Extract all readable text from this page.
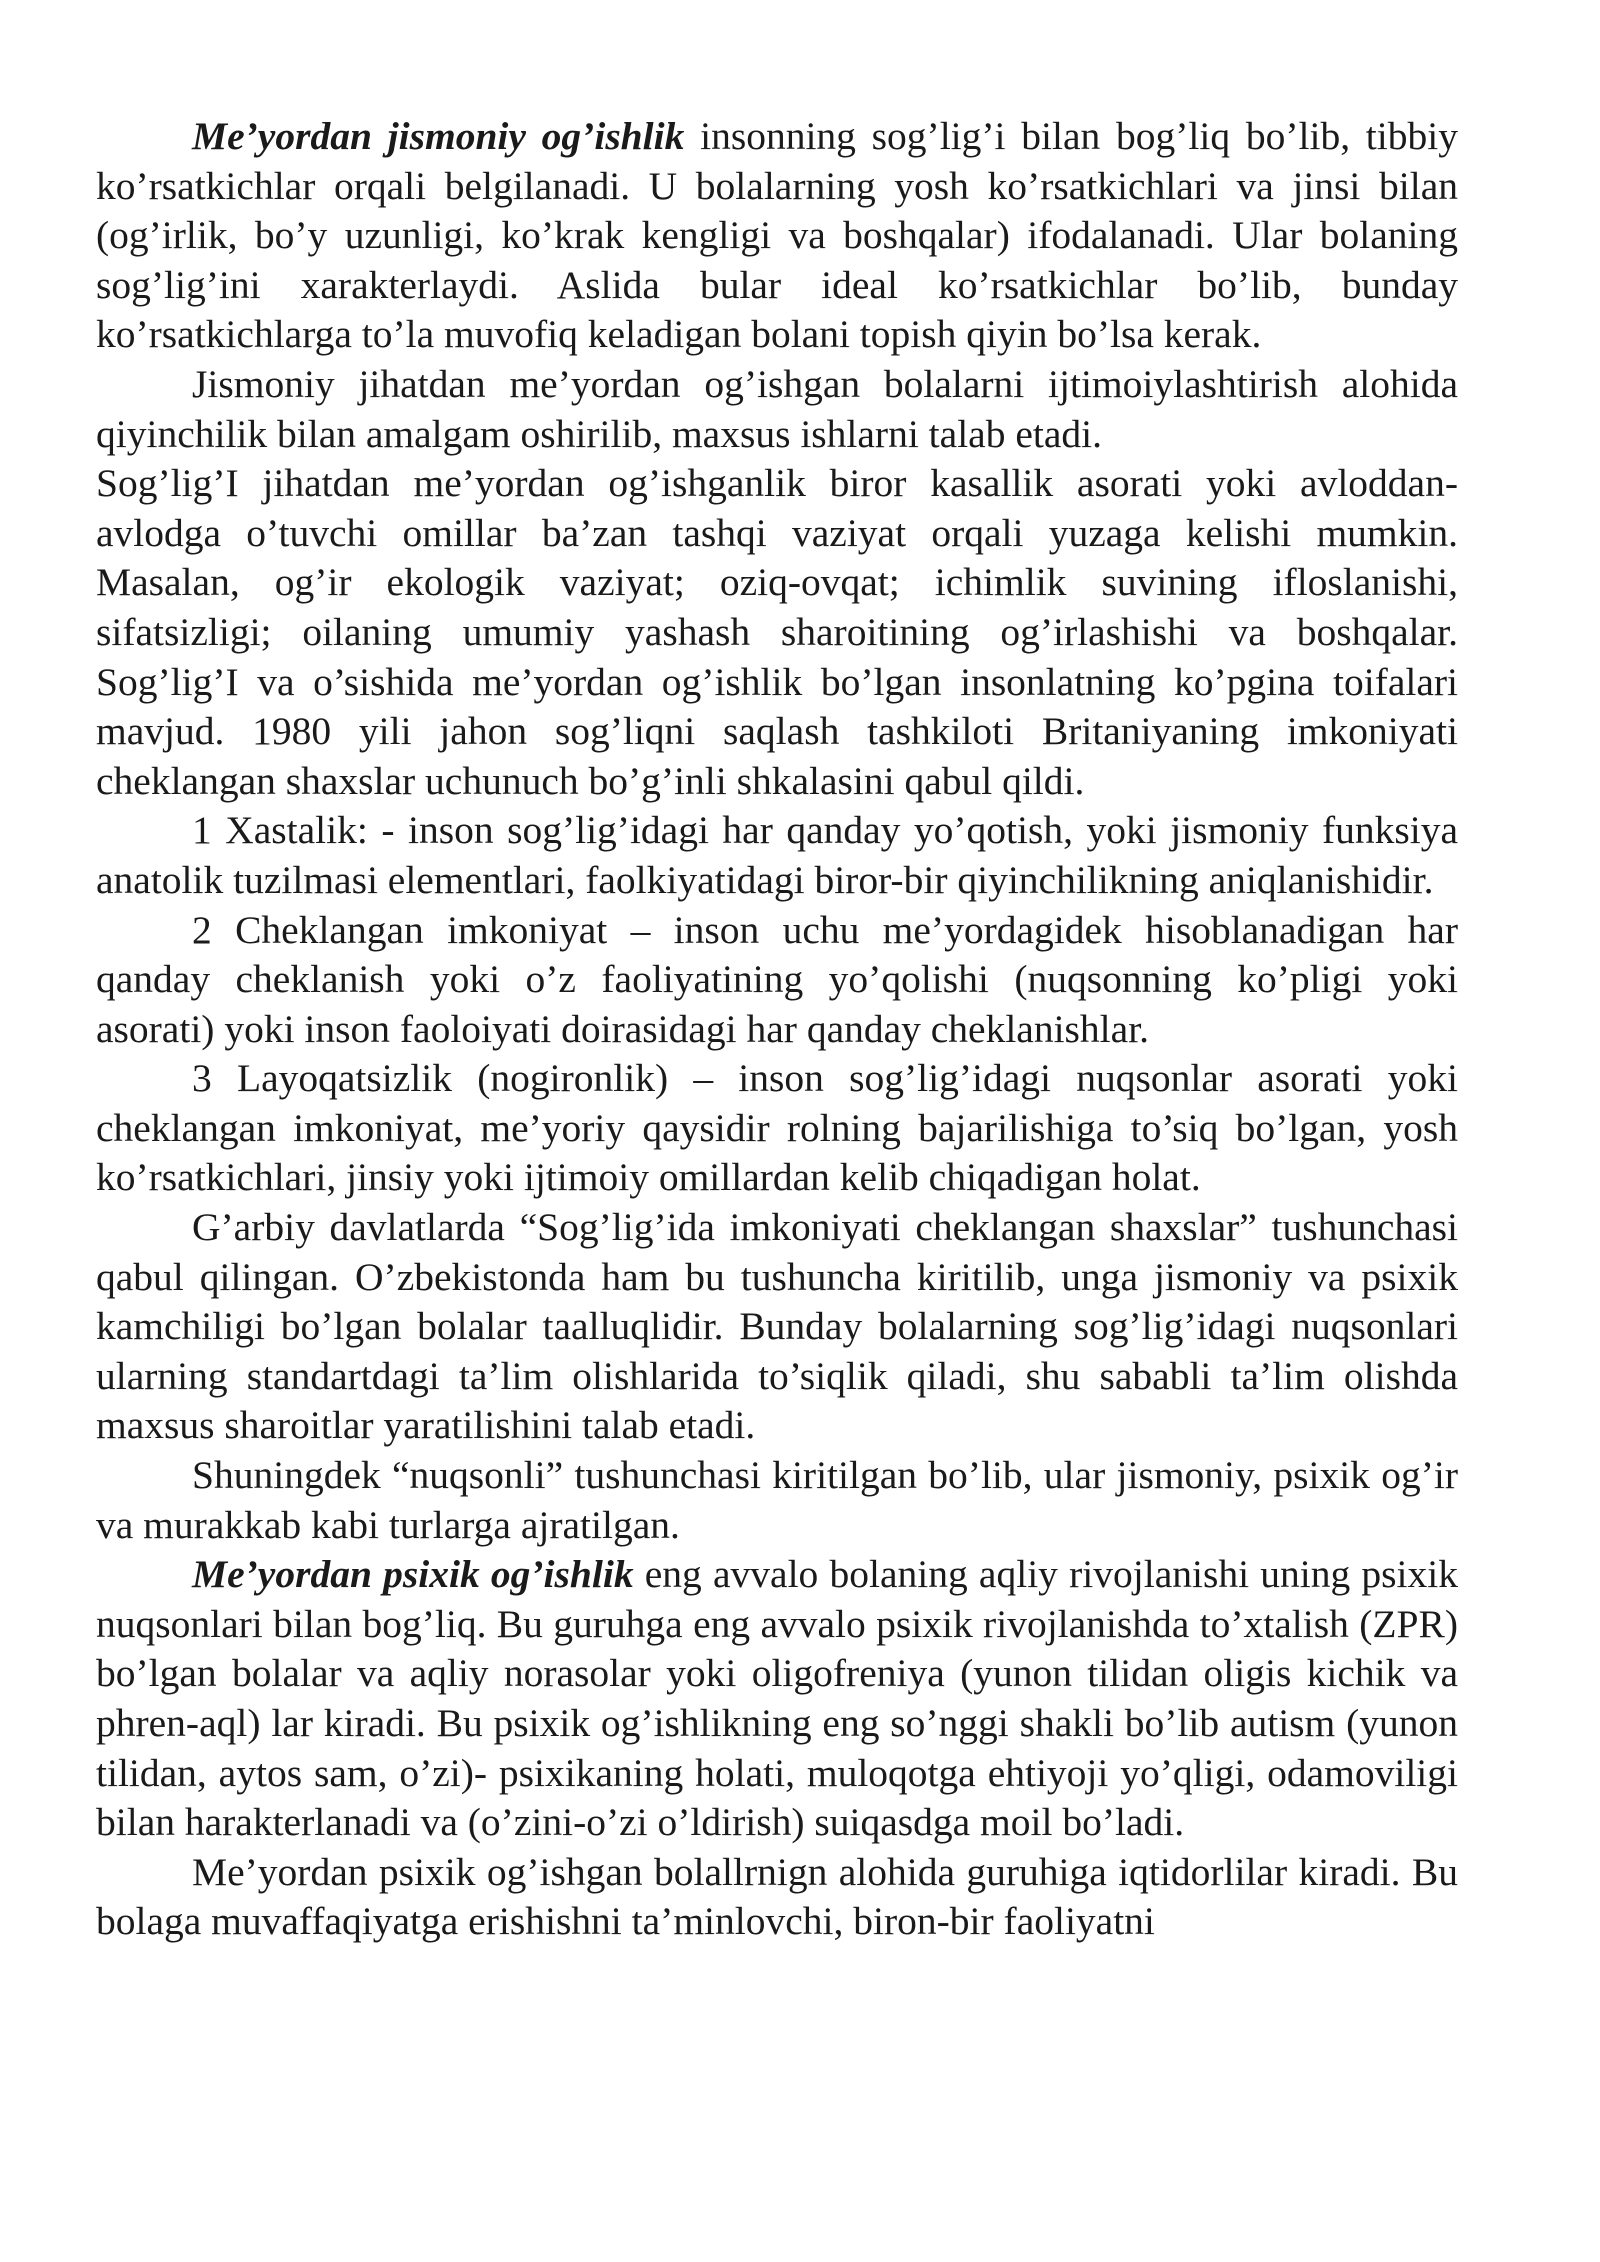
Me’yordan jismoniy og’ishlik insonning sog’lig’i bilan bog’liq bo’lib, tibbiy ko’rsatkichlar orqali belgilanadi. U bolalarning yosh ko’rsatkichlari va jinsi bilan (og’irlik, bo’y uzunligi, ko’krak kengligi va boshqalar) ifodalanadi. Ular bolaning sog’lig’ini xarakterlaydi. Aslida bular ideal ko’rsatkichlar bo’lib, bunday ko’rsatkichlarga to’la muvofiq keladigan bolani topish qiyin bo’lsa kerak.

Jismoniy jihatdan me’yordan og’ishgan bolalarni ijtimoiylashtirish alohida qiyinchilik bilan amalgam oshirilib, maxsus ishlarni talab etadi.

Sog’lig’I jihatdan me’yordan og’ishganlik biror kasallik asorati yoki avloddan-avlodga o’tuvchi omillar ba’zan tashqi vaziyat orqali yuzaga kelishi mumkin. Masalan, og’ir ekologik vaziyat; oziq-ovqat; ichimlik suvining ifloslanishi, sifatsizligi; oilaning umumiy yashash sharoitining og’irlashishi va boshqalar. Sog’lig’I va o’sishida me’yordan og’ishlik bo’lgan insonlatning ko’pgina toifalari mavjud. 1980 yili jahon sog’liqni saqlash tashkiloti Britaniyaning imkoniyati cheklangan shaxslar uchunuch bo’g’inli shkalasini qabul qildi.

1 Xastalik: - inson sog’lig’idagi har qanday yo’qotish, yoki jismoniy funksiya anatolik tuzilmasi elementlari, faolkiyatidagi biror-bir qiyinchilikning aniqlanishidir.

2 Cheklangan imkoniyat – inson uchu me’yordagidek hisoblanadigan har qanday cheklanish yoki o’z faoliyatining yo’qolishi (nuqsonning ko’pligi yoki asorati) yoki inson faoloiyati doirasidagi har qanday cheklanishlar.

3 Layoqatsizlik (nogironlik) – inson sog’lig’idagi nuqsonlar asorati yoki cheklangan imkoniyat, me’yoriy qaysidir rolning bajarilishiga to’siq bo’lgan, yosh ko’rsatkichlari, jinsiy yoki ijtimoiy omillardan kelib chiqadigan holat.

G’arbiy davlatlarda “Sog’lig’ida imkoniyati cheklangan shaxslar” tushunchasi qabul qilingan. O’zbekistonda ham bu tushuncha kiritilib, unga jismoniy va psixik kamchiligi bo’lgan bolalar taalluqlidir. Bunday bolalarning sog’lig’idagi nuqsonlari ularning standartdagi ta’lim olishlarida to’siqlik qiladi, shu sababli ta’lim olishda maxsus sharoitlar yaratilishini talab etadi.

Shuningdek “nuqsonli” tushunchasi kiritilgan bo’lib, ular jismoniy, psixik og’ir va murakkab kabi turlarga ajratilgan.

Me’yordan psixik og’ishlik eng avvalo bolaning aqliy rivojlanishi uning psixik nuqsonlari bilan bog’liq. Bu guruhga eng avvalo psixik rivojlanishda to’xtalish (ZPR) bo’lgan bolalar va aqliy norasolar yoki oligofreniya (yunon tilidan oligis kichik va phren-aql) lar kiradi. Bu psixik og’ishlikning eng so’nggi shakli bo’lib autism (yunon tilidan, aytos sam, o’zi)- psixikaning holati, muloqotga ehtiyoji yo’qligi, odamoviligi bilan harakterlanadi va (o’zini-o’zi o’ldirish) suiqasdga moil bo’ladi.

Me’yordan psixik og’ishgan bolallrnign alohida guruhiga iqtidorlilar kiradi. Bu bolaga muvaffaqiyatga erishishni ta’minlovchi, biron-bir faoliyatni
